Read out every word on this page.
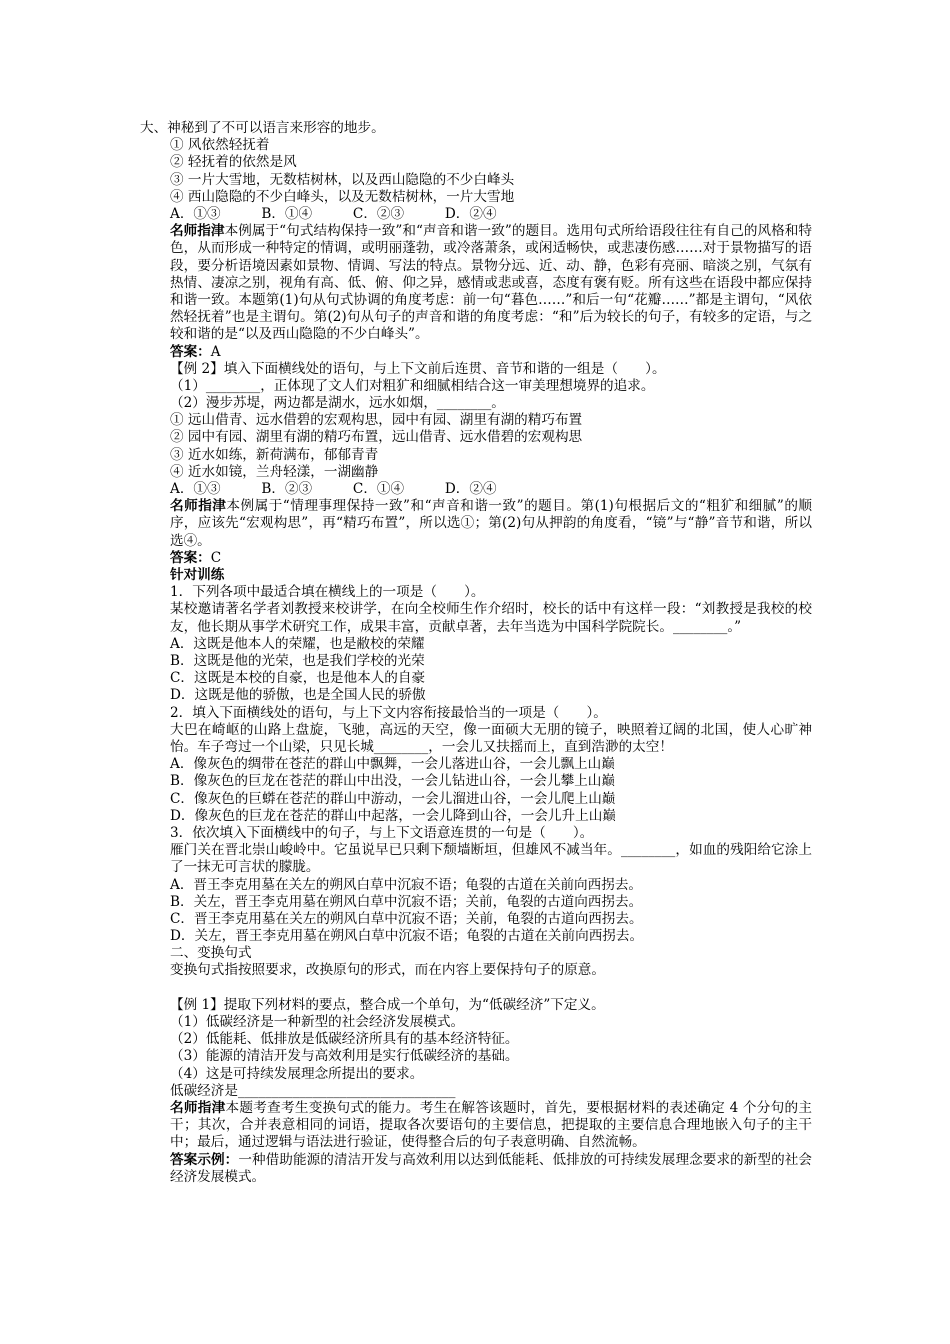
大、神秘到了不可以语言来形容的地步。
① 风依然轻抚着
② 轻抚着的依然是风
③ 一片大雪地，无数桔树林，以及西山隐隐的不少白峰头
④ 西山隐隐的不少白峰头，以及无数桔树林，一片大雪地
A．①③　　　B．①④　　　C．②③　　　D．②④
名师指津本例属于“句式结构保持一致”和“声音和谐一致”的题目。选用句式所给语段往往有自己的风格和特色，从而形成一种特定的情调，或明丽蓬勃，或冷落萧条，或闲适畅快，或悲凄伤感……对于景物描写的语段，要分析语境因素如景物、情调、写法的特点。景物分远、近、动、静，色彩有亮丽、暗淡之别，气氛有热情、凄凉之别，视角有高、低、俯、仰之异，感情或悲或喜，态度有褒有贬。所有这些在语段中都应保持和谐一致。本题第(1)句从句式协调的角度考虑：前一句“暮色……”和后一句“花瓣……”都是主谓句，“风依然轻抚着”也是主谓句。第(2)句从句子的声音和谐的角度考虑：“和”后为较长的句子，有较多的定语，与之较和谐的是“以及西山隐隐的不少白峰头”。
答案：A
【例 2】填入下面横线处的语句，与上下文前后连贯、音节和谐的一组是（　　）。
（1）________，正体现了文人们对粗犷和细腻相结合这一审美理想境界的追求。
（2）漫步苏堤，两边都是湖水，远水如烟，________。
① 远山借青、远水借碧的宏观构思，园中有园、湖里有湖的精巧布置
② 园中有园、湖里有湖的精巧布置，远山借青、远水借碧的宏观构思
③ 近水如练，新荷满布，郁郁青青
④ 近水如镜，兰舟轻漾，一湖幽静
A．①③　　　B．②③　　　C．①④　　　D．②④
名师指津本例属于“情理事理保持一致”和“声音和谐一致”的题目。第(1)句根据后文的“粗犷和细腻”的顺序，应该先“宏观构思”，再“精巧布置”，所以选①；第(2)句从押韵的角度看，“镜”与“静”音节和谐，所以选④。
答案：C
针对训练
1．下列各项中最适合填在横线上的一项是（　　）。
某校邀请著名学者刘教授来校讲学，在向全校师生作介绍时，校长的话中有这样一段：“刘教授是我校的校友，他长期从事学术研究工作，成果丰富，贡献卓著，去年当选为中国科学院院长。________。”
A．这既是他本人的荣耀，也是敝校的荣耀
B．这既是他的光荣，也是我们学校的光荣
C．这既是本校的自豪，也是他本人的自豪
D．这既是他的骄傲，也是全国人民的骄傲
2．填入下面横线处的语句，与上下文内容衔接最恰当的一项是（　　）。
大巴在崎岖的山路上盘旋，飞驰，高远的天空，像一面硕大无朋的镜子，映照着辽阔的北国，使人心旷神怡。车子弯过一个山梁，只见长城________，一会儿又扶摇而上，直到浩渺的太空！
A．像灰色的绸带在苍茫的群山中飘舞，一会儿落进山谷，一会儿飘上山巅
B．像灰色的巨龙在苍茫的群山中出没，一会儿钻进山谷，一会儿攀上山巅
C．像灰色的巨蟒在苍茫的群山中游动，一会儿溜进山谷，一会儿爬上山巅
D．像灰色的巨龙在苍茫的群山中起落，一会儿降到山谷，一会儿升上山巅
3．依次填入下面横线中的句子，与上下文语意连贯的一句是（　　）。
雁门关在晋北崇山峻岭中。它虽说早已只剩下颓墙断垣，但雄风不减当年。________，如血的残阳给它涂上了一抹无可言状的朦胧。
A．晋王李克用墓在关左的朔风白草中沉寂不语；龟裂的古道在关前向西拐去。
B．关左，晋王李克用墓在朔风白草中沉寂不语；关前，龟裂的古道向西拐去。
C．晋王李克用墓在关左的朔风白草中沉寂不语；关前，龟裂的古道向西拐去。
D．关左，晋王李克用墓在朔风白草中沉寂不语；龟裂的古道在关前向西拐去。
二、变换句式
变换句式指按照要求，改换原句的形式，而在内容上要保持句子的原意。
【例 1】提取下列材料的要点，整合成一个单句，为“低碳经济”下定义。
（1）低碳经济是一种新型的社会经济发展模式。
（2）低能耗、低排放是低碳经济所具有的基本经济特征。
（3）能源的清洁开发与高效利用是实行低碳经济的基础。
（4）这是可持续发展理念所提出的要求。
低碳经济是________________________________
名师指津本题考查考生变换句式的能力。考生在解答该题时，首先，要根据材料的表述确定 4 个分句的主干；其次，合并表意相同的词语，提取各次要语句的主要信息，把提取的主要信息合理地嵌入句子的主干中；最后，通过逻辑与语法进行验证，使得整合后的句子表意明确、自然流畅。
答案示例：一种借助能源的清洁开发与高效利用以达到低能耗、低排放的可持续发展理念要求的新型的社会经济发展模式。
